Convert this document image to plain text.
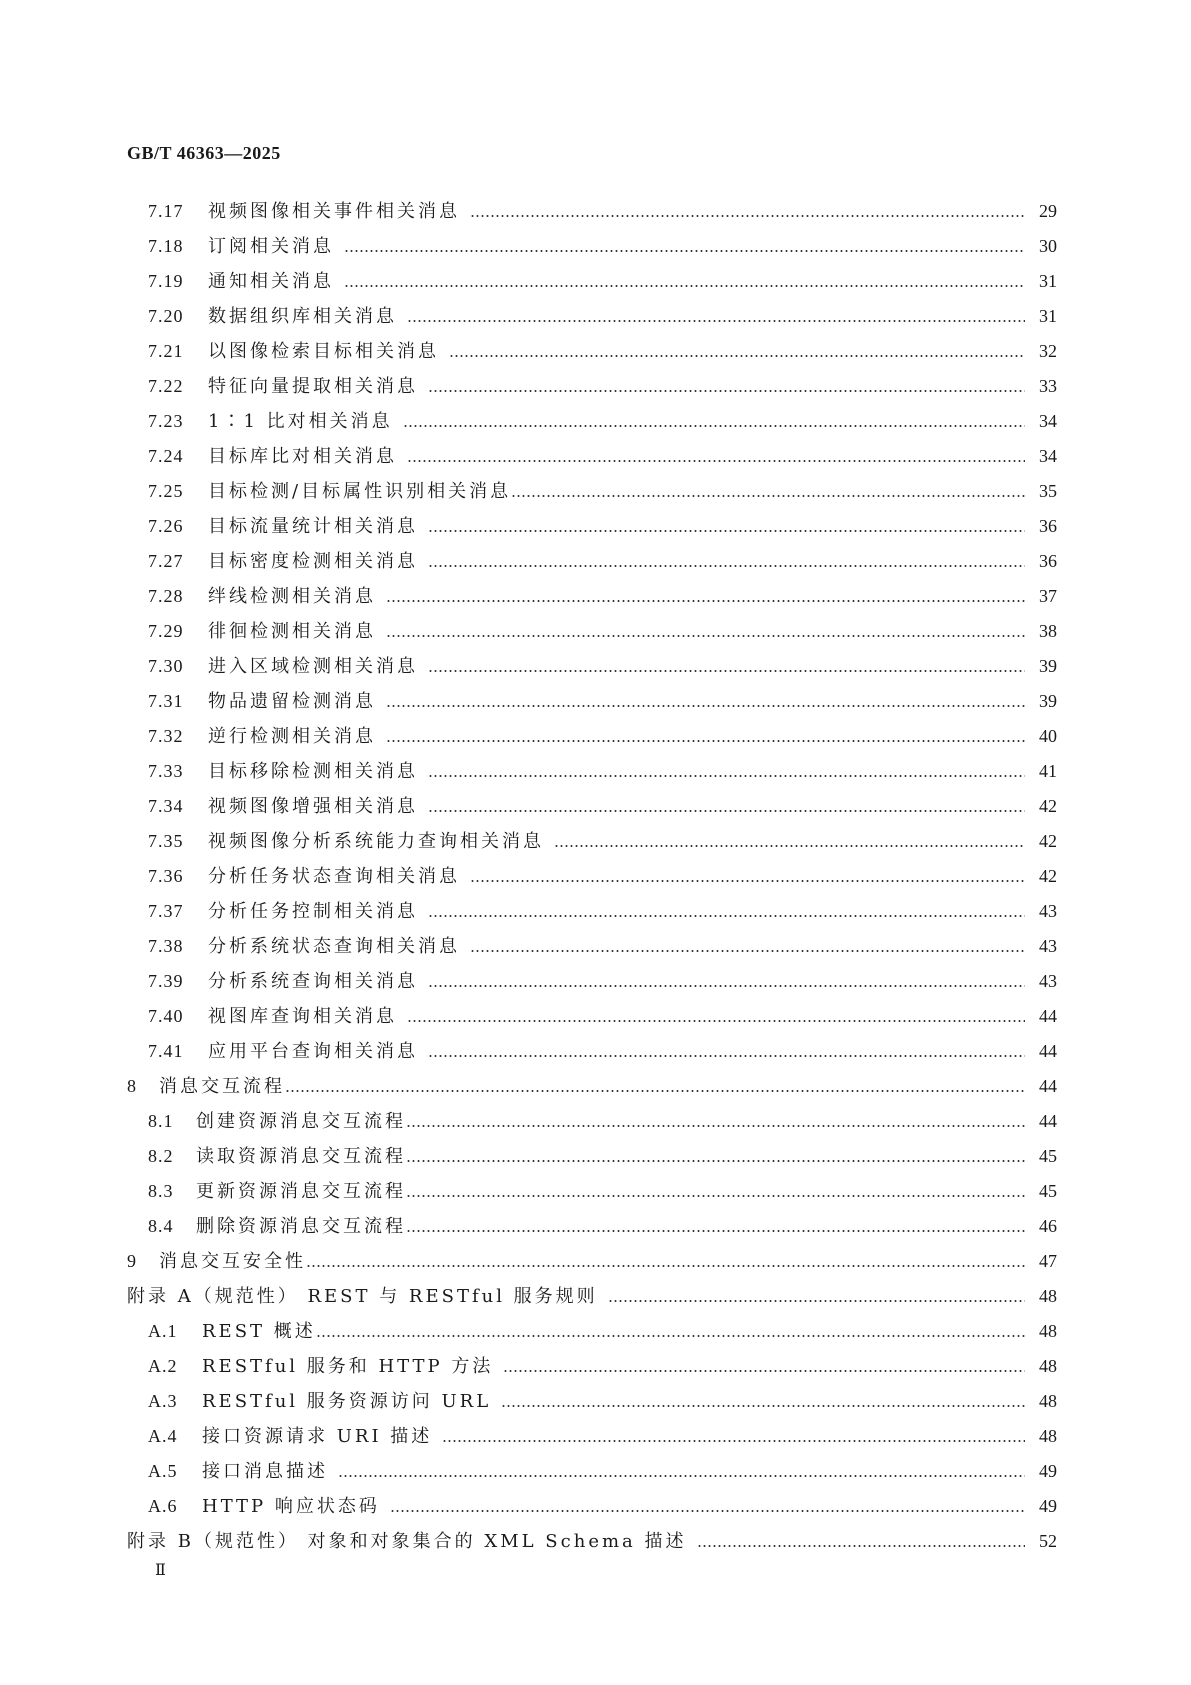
GB/T 46363—2025
7.17	视频图像相关事件相关消息	29
7.18	订阅相关消息	30
7.19	通知相关消息	31
7.20	数据组织库相关消息	31
7.21	以图像检索目标相关消息	32
7.22	特征向量提取相关消息	33
7.23	1∶1 比对相关消息	34
7.24	目标库比对相关消息	34
7.25	目标检测/目标属性识别相关消息	35
7.26	目标流量统计相关消息	36
7.27	目标密度检测相关消息	36
7.28	绊线检测相关消息	37
7.29	徘徊检测相关消息	38
7.30	进入区域检测相关消息	39
7.31	物品遗留检测消息	39
7.32	逆行检测相关消息	40
7.33	目标移除检测相关消息	41
7.34	视频图像增强相关消息	42
7.35	视频图像分析系统能力查询相关消息	42
7.36	分析任务状态查询相关消息	42
7.37	分析任务控制相关消息	43
7.38	分析系统状态查询相关消息	43
7.39	分析系统查询相关消息	43
7.40	视图库查询相关消息	44
7.41	应用平台查询相关消息	44
8	消息交互流程	44
8.1	创建资源消息交互流程	44
8.2	读取资源消息交互流程	45
8.3	更新资源消息交互流程	45
8.4	删除资源消息交互流程	46
9	消息交互安全性	47
附录 A（规范性） REST 与 RESTful 服务规则	48
A.1	REST 概述	48
A.2	RESTful 服务和 HTTP 方法	48
A.3	RESTful 服务资源访问 URL	48
A.4	接口资源请求 URI 描述	48
A.5	接口消息描述	49
A.6	HTTP 响应状态码	49
附录 B（规范性） 对象和对象集合的 XML Schema 描述	52
Ⅱ
